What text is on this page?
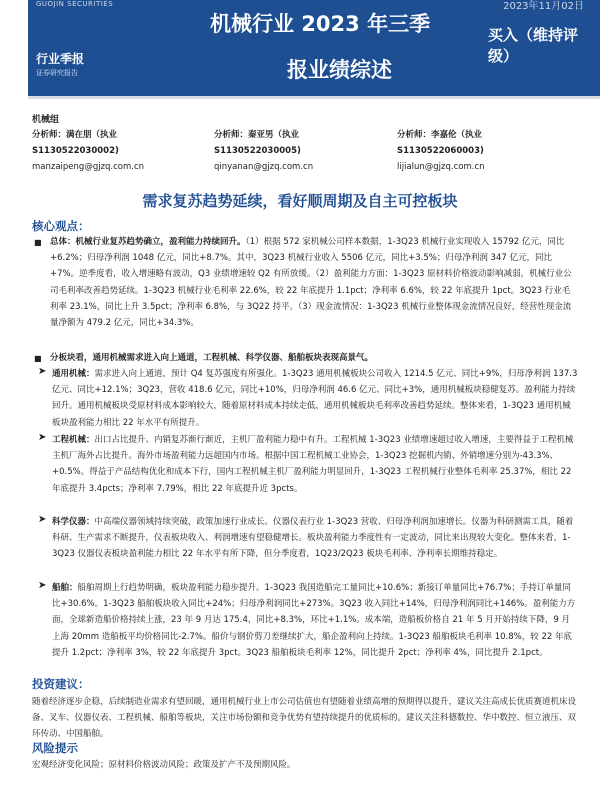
GUOJIN SECURITIES	2023年11月02日
机械行业 2023 年三季	买入（维持评级）
行业季报
证券研究报告	报业绩综述
机械组
分析师：满在朋（执业
S1130522030002)
manzaipeng@gjzq.com.cn
分析师：秦亚男（执业
S1130522030005)
qinyanan@gjzq.com.cn
分析师：李嘉伦（执业
S1130522060003)
lijialun@gjzq.com.cn
需求复苏趋势延续，看好顺周期及自主可控板块
核心观点：
■ 总体：机械行业复苏趋势确立，盈利能力持续回升。（1）根据 572 家机械公司样本数据，1-3Q23 机械行业实现收入 15792 亿元，同比+6.2%；归母净利润 1048 亿元，同比+8.7%。其中，3Q23 机械行业收入 5506 亿元，同比+3.5%；归母净利润 347 亿元，同比+7%。逆季度看，收入增速略有波动，Q3 业绩增速较 Q2 有所放缓。（2）盈利能力方面：1-3Q23 原材料价格波动影响减弱，机械行业公司毛利率改善趋势延续。1-3Q23 机械行业毛利率 22.6%，较 22 年底提升 1.1pct；净利率 6.6%，较 22 年底提升 1pct。3Q23 行业毛利率 23.1%，同比上升 3.5pct；净利率 6.8%，与 3Q22 持平。（3）现金流情况：1-3Q23 机械行业整体现金流情况良好，经营性现金流量净额为 479.2 亿元，同比+34.3%。
■ 分板块看，通用机械需求进入向上通道，工程机械、科学仪器、船舶板块表现高景气。
➤ 通用机械：需求进入向上通道，预计 Q4 复苏强度有所强化。1-3Q23 通用机械板块公司收入 1214.5 亿元、同比+9%，归母净利润 137.3 亿元、同比+12.1%；3Q23，营收 418.6 亿元，同比+10%，归母净利润 46.6 亿元、同比+3%，通用机械板块稳健复苏。盈利能力持续回升。通用机械板块受原材料成本影响较大，随着原材料成本持续走低，通用机械板块毛利率改善趋势延续。整体来看，1-3Q23 通用机械板块盈利能力相比 22 年水平有所提升。
➤ 工程机械：出口占比提升、内销复苏渐行渐近，主机厂盈利能力稳中有升。工程机械 1-3Q23 业绩增速超过收入增速，主要得益于工程机械主机厂海外占比提升。海外市场盈利能力远超国内市场。根据中国工程机械工业协会，1-3Q23 挖掘机内销、外销增速分别为-43.3%、+0.5%。得益于产品结构优化和成本下行，国内工程机械主机厂盈利能力明显回升，1-3Q23 工程机械行业整体毛利率 25.37%，相比 22 年底提升 3.4pcts；净利率 7.79%，相比 22 年底提升近 3pcts。
➤ 科学仪器：中高端仪器领域持续突破，政策加速行业成长。仪器仪表行业 1-3Q23 营收、归母净利润加速增长。仪器为科研测需工具，随着科研、生产需求不断提升，仪表板块收入、利润增速有望稳健增长。板块盈利能力季度性有一定波动，同比来出现较大变化。整体来看，1-3Q23 仪器仪表板块盈利能力相比 22 年水平有所下降，但分季度看，1Q23/2Q23 板块毛利率、净利率长期维持稳定。
➤ 船舶：船舶周期上行趋势明确，板块盈利能力稳步提升。1-3Q23 我国造船完工量同比+10.6%；新接订单量同比+76.7%；手持订单量同比+30.6%。1-3Q23 船舶板块收入同比+24%；归母净利润同比+273%。3Q23 收入同比+14%，归母净利润同比+146%。盈利能力方面，全球新造船价格持续上涨，23 年 9 月达 175.4，同比+8.3%，环比+1.1%。成本端，造船板价格自 21 年 5 月开始持续下降，9 月上海 20mm 造船板平均价格同比-2.7%。船价与钢价剪刀差继续扩大，船企盈利向上持续。1-3Q23 船舶板块毛利率 10.8%，较 22 年底提升 1.2pct；净利率 3%，较 22 年底提升 3pct。3Q23 船舶板块毛利率 12%，同比提升 2pct；净利率 4%，同比提升 2.1pct。
投资建议：
随着经济逐步企稳，后续制造业需求有望回暖，通用机械行业上市公司估值也有望随着业绩高增的预期得以提升，建议关注高成长优质赛道机床设备、叉车、仪器仪表、工程机械、船舶等板块，关注市场份额和竞争优势有望持续提升的优质标的。建议关注科德数控、华中数控、恒立液压、双环传动、中国船舶。
风险提示
宏观经济变化风险；原材料价格波动风险；政策及扩产不及预期风险。
